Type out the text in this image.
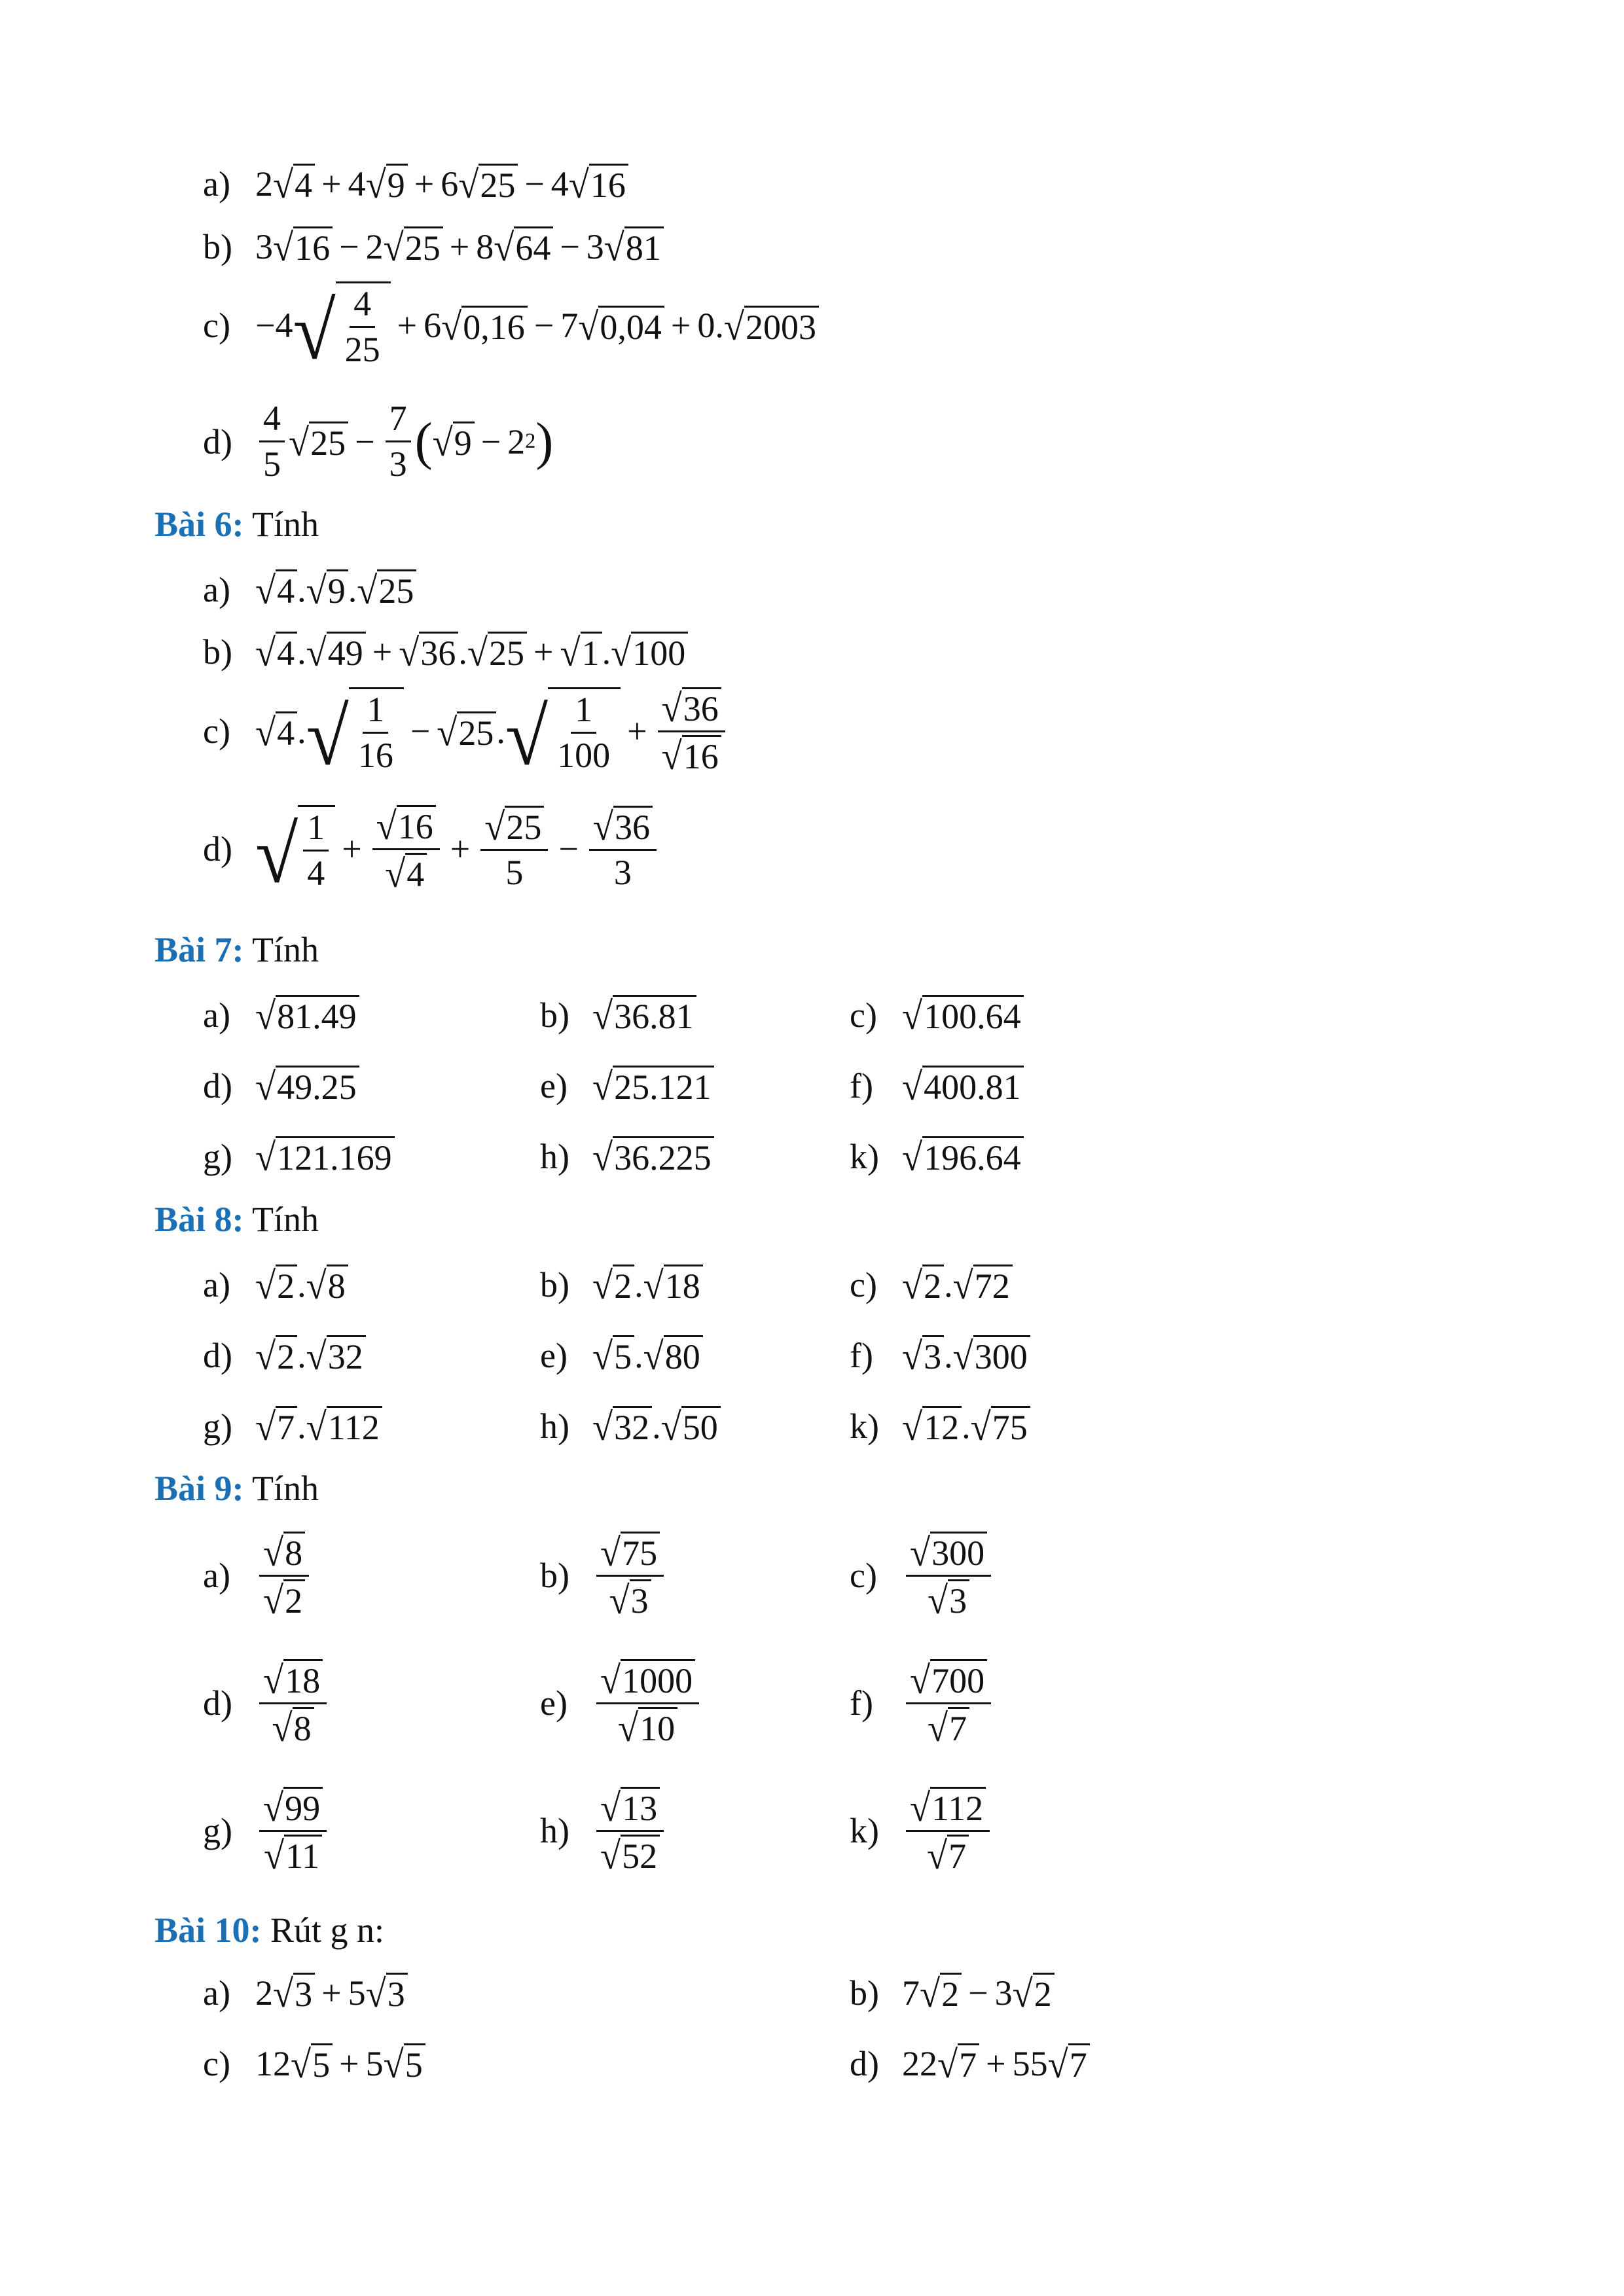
a) 2 √ 4 + 4 √ 9 + 6 √ 25 − 4 √ 16
b) 3 √ 16 − 2 √ 25 + 8 √ 64 − 3 √ 81
c) −4 √ $\frac{4}{25} + 6$ √ 0,16 − 7 √ 0,04 + 0. √ 2003
$d) \frac{4}{5}$ √ $25 - \frac{7}{3}$ ( √ 9 − 2 2 )
Bài 6: Tính
a) √ 4 . √ 9 . √ 25
b) √ 4 . √ 49 + √ 36 . √ 25 + √ 1 . √ 100
c) √ 4 . √ $\frac{1}{16}$ − √ 25 . √ $\frac{1}{100} + \frac{√ 36}{√ 16}$
d) √ $\frac{1}{4} + \frac{√ 16}{√ 4} + \frac{√ 25}{5} - \frac{√ 36}{3}$
Bài 7: Tính
a) √ 81.49	b) √ 36.81	c) √ 100.64
d) √ 49.25	e) √ 25.121	f) √ 400.81
g) √ 121.169	h) √ 36.225	k) √ 196.64
Bài 8: Tính
a) √ 2 . √ 8	b) √ 2 . √ 18	c) √ 2 . √ 72
d) √ 2 . √ 32	e) √ 5 . √ 80	f) √ 3 . √ 300
g) √ 7 . √ 112	h) √ 32 . √ 50	k) √ 12 . √ 75
Bài 9: Tính
$a) \frac{√ 8}{√ 2}$	$b) \frac{√ 75}{√ 3}$	$c) \frac{√ 300}{√ 3}$
$d) \frac{√ 18}{√ 8}$	$e) \frac{√ 1000}{√ 10}$	$f) \frac{√ 700}{√ 7}$
$g) \frac{√ 99}{√ 11}$	$h) \frac{√ 13}{√ 52}$	$k) \frac{√ 112}{√ 7}$
Bài 10: Rút g n:
a) 2 √ 3 + 5 √ 3	b) 7 √ 2 − 3 √ 2
c) 12 √ 5 + 5 √ 5	d) 22 √ 7 + 55 √ 7
